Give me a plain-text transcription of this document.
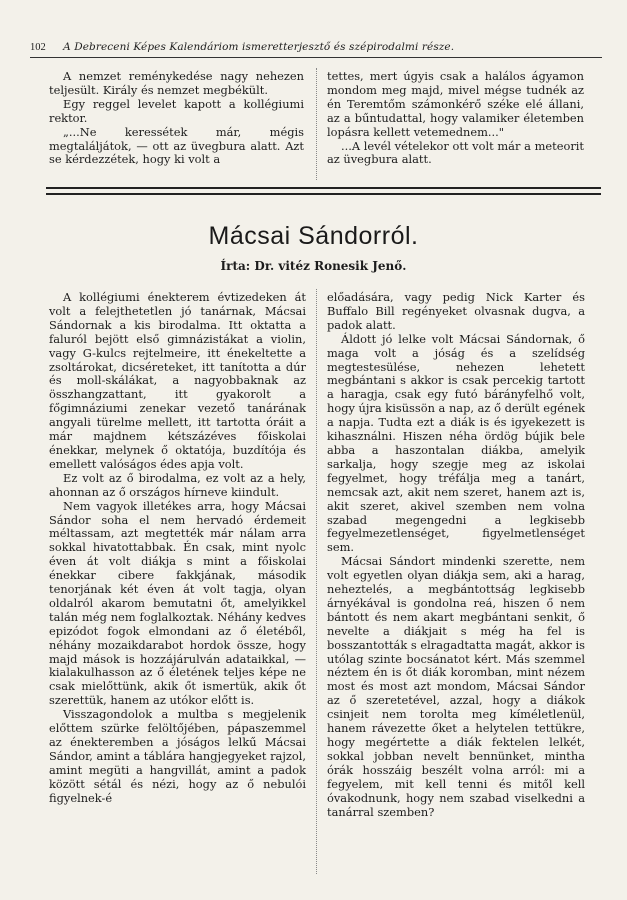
102 A Debreceni Képes Kalendáriom ismeretterjesztő és szépirodalmi része.

A nemzet reménykedése nagy nehezen teljesült. Király és nemzet megbékült.

Egy reggel levelet kapott a kollégiumi rektor.

„...Ne keressétek már, mégis megtaláljátok, — ott az üvegbura alatt. Azt se kérdezzétek, hogy ki volt a

tettes, mert úgyis csak a halálos ágyamon mondom meg majd, mivel mégse tudnék az én Teremtőm számonkérő széke elé állani, az a bűntudattal, hogy valamiker életemben lopásra kellett vetemednem..."

...A levél vételekor ott volt már a meteorit az üvegbura alatt.

Mácsai Sándorról.
Írta: Dr. vitéz Ronesik Jenő.

A kollégiumi énekterem évtizedeken át volt a felejthetetlen jó tanárnak, Mácsai Sándornak a kis birodalma. Itt oktatta a faluról bejött első gimnázistákat a violin, vagy G-kulcs rejtelmeire, itt énekeltette a zsoltárokat, dicséreteket, itt tanította a dúr és moll-skálákat, a nagyobbaknak az összhangzattant, itt gyakorolt a főgimnáziumi zenekar vezető tanárának angyali türelme mellett, itt tartotta óráit a már majdnem kétszázéves főiskolai énekkar, melynek ő oktatója, buzdítója és emellett valóságos édes apja volt.

Ez volt az ő birodalma, ez volt az a hely, ahonnan az ő országos hírneve kiindult.

Nem vagyok illetékes arra, hogy Mácsai Sándor soha el nem hervadó érdemeit méltassam, azt megtették már nálam arra sokkal hivatottabbak. Én csak, mint nyolc éven át volt diákja s mint a főiskolai énekkar cibere fakkjának, második tenorjának két éven át volt tagja, olyan oldalról akarom bemutatni őt, amelyikkel talán még nem foglalkoztak. Néhány kedves epizódot fogok elmondani az ő életéből, néhány mozaikdarabot hordok össze, hogy majd mások is hozzájárulván adataikkal, — kialakulhasson az ő életének teljes képe ne csak mielőttünk, akik őt ismertük, akik őt szerettük, hanem az utókor előtt is.

Visszagondolok a multba s megjelenik előttem szürke felöltőjében, pápaszemmel az énekteremben a jóságos lelkű Mácsai Sándor, amint a táblára hangjegyeket rajzol, amint megüti a hangvillát, amint a padok között sétál és nézi, hogy az ő nebulói figyelnek-é

előadására, vagy pedig Nick Karter és Buffalo Bill regényeket olvasnak dugva, a padok alatt.

Áldott jó lelke volt Mácsai Sándornak, ő maga volt a jóság és a szelídség megtestesülése, nehezen lehetett megbántani s akkor is csak percekig tartott a haragja, csak egy futó bárányfelhő volt, hogy újra kisüssön a nap, az ő derült egének a napja. Tudta ezt a diák is és igyekezett is kihasználni. Hiszen néha ördög bújik bele abba a haszontalan diákba, amelyik sarkalja, hogy szegje meg az iskolai fegyelmet, hogy tréfálja meg a tanárt, nemcsak azt, akit nem szeret, hanem azt is, akit szeret, akivel szemben nem volna szabad megengedni a legkisebb fegyelmezetlenséget, figyelmetlenséget sem.

Mácsai Sándort mindenki szerette, nem volt egyetlen olyan diákja sem, aki a harag, neheztelés, a megbántottság legkisebb árnyékával is gondolna reá, hiszen ő nem bántott és nem akart megbántani senkit, ő nevelte a diákjait s még ha fel is bosszantották s elragadtatta magát, akkor is utólag szinte bocsánatot kért. Más szemmel néztem én is őt diák koromban, mint nézem most és most azt mondom, Mácsai Sándor az ő szeretetével, azzal, hogy a diákok csinjeit nem torolta meg kíméletlenül, hanem rávezette őket a helytelen tettükre, hogy megértette a diák fektelen lelkét, sokkal jobban nevelt bennünket, mintha órák hosszáig beszélt volna arról: mi a fegyelem, mit kell tenni és mitől kell óvakodnunk, hogy nem szabad viselkedni a tanárral szemben?
